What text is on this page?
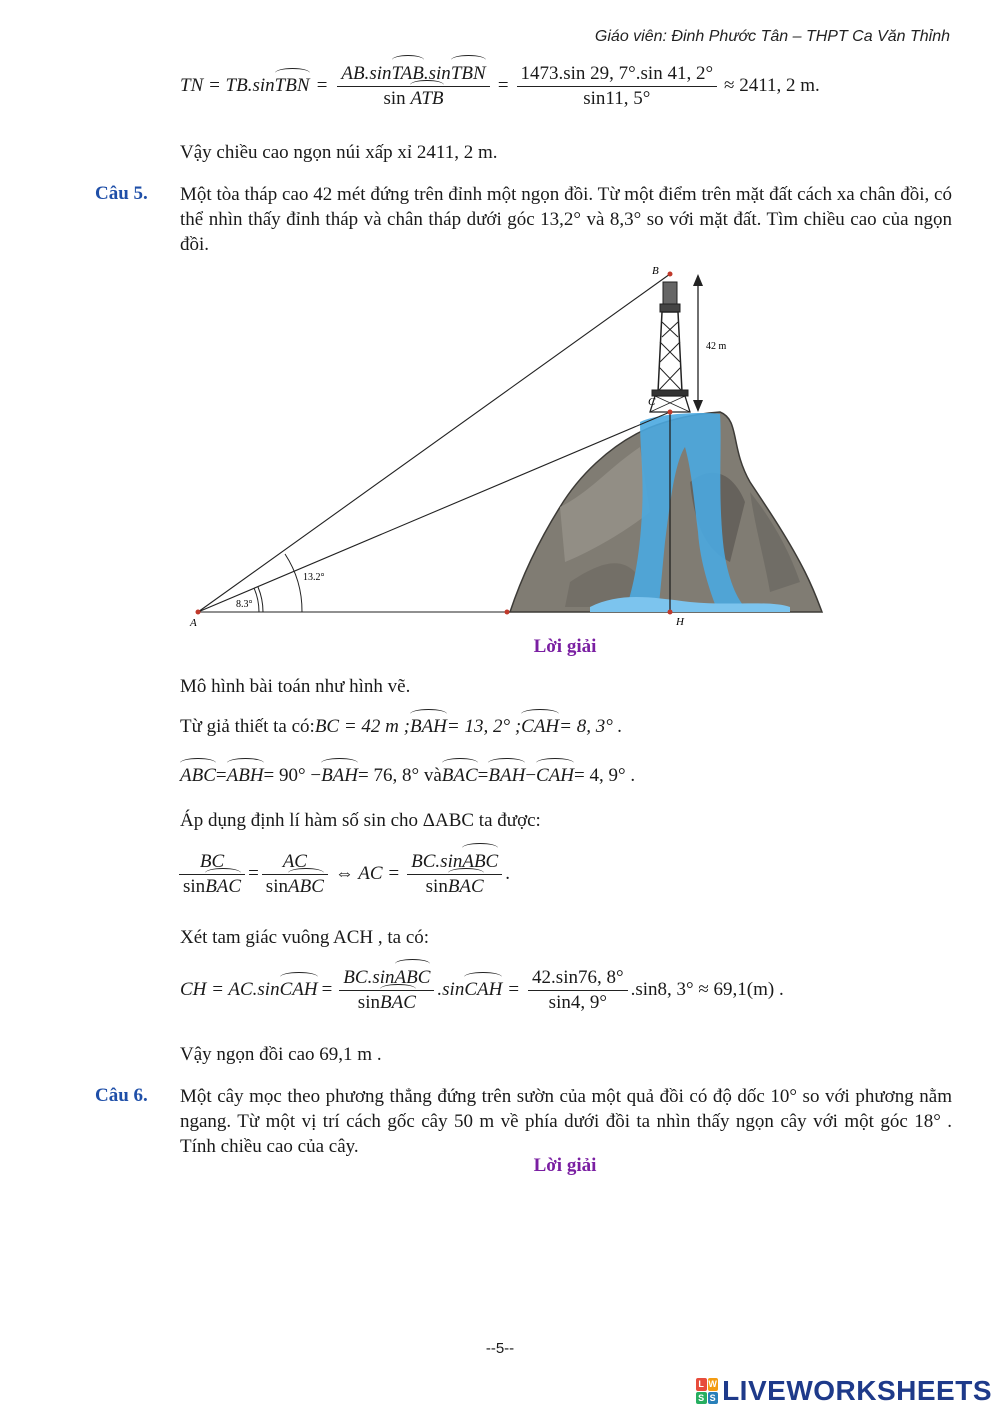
Giáo viên: Đinh Phước Tân – THPT Ca Văn Thỉnh
TN = TB.sin TBN = $\frac{\text{AB.sinTAB.sinTBN}}{\text{sin ATB}} = \frac{1473.\sin 29, 7^\circ.\sin 41, 2^\circ}{\sin 11, 5^\circ} \approx 2411$, 2 m.
Vậy chiều cao ngọn núi xấp xỉ 2411, 2 m.
Câu 5. Một tòa tháp cao 42 mét đứng trên đỉnh một ngọn đồi. Từ một điểm trên mặt đất cách xa chân đồi, có thể nhìn thấy đỉnh tháp và chân tháp dưới góc 13,2° và 8,3° so với mặt đất. Tìm chiều cao của ngọn đồi.
A
B
C
H
42 m
13.2°
8.3°
Lời giải
Mô hình bài toán như hình vẽ.
Từ giả thiết ta có: BC = 42 m ; BAH = 13, 2° ; CAH = 8, 3° .
ABC = ABH = 90° − BAH = 76, 8° và BAC = BAH − CAH = 4, 9° .
Áp dụng định lí hàm số sin cho ΔABC ta được:
$\frac{BC}{\text{sinBAC}} = \frac{AC}{\text{sinABC}}$ ⇔ AC = $\frac{\text{BC.sinABC}}{\text{sinBAC}}$ .
Xét tam giác vuông ACH , ta có:
CH = AC.sin CAH = $\frac{\text{BC.sinABC}}{\text{sinBAC}} .\sin$ CAH = $\frac{42.\sin 76, 8^\circ}{\sin 4, 9^\circ} .\sin 8$, 3° ≈ 69,1(m) .
Vậy ngọn đồi cao 69,1 m .
Câu 6. Một cây mọc theo phương thẳng đứng trên sườn của một quả đồi có độ dốc 10° so với phương nằm ngang. Từ một vị trí cách gốc cây 50 m về phía dưới đồi ta nhìn thấy ngọn cây với một góc 18° . Tính chiều cao của cây.
Lời giải
--5--
L W
S S LIVEWORKSHEETS
